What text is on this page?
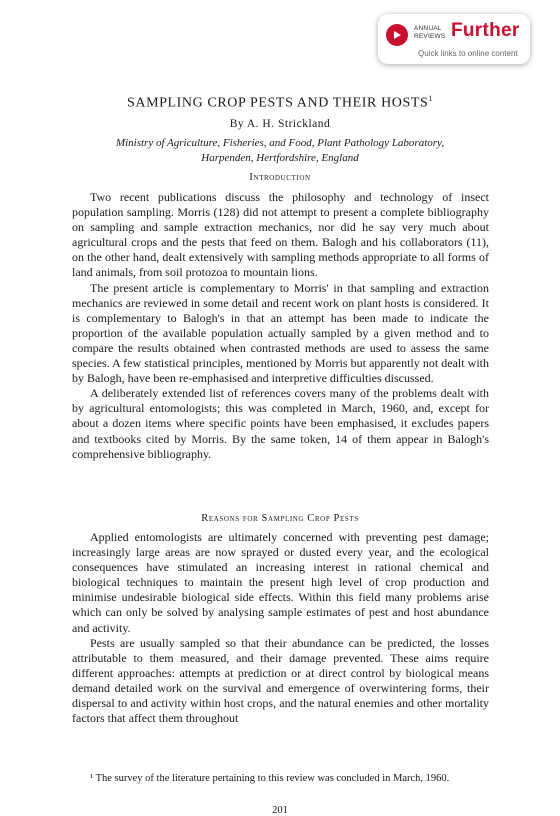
ANNUAL
REVIEWS Further
Quick links to online content
SAMPLING CROP PESTS AND THEIR HOSTS$^1$
By A. H. Strickland
Ministry of Agriculture, Fisheries, and Food, Plant Pathology Laboratory,
Harpenden, Hertfordshire, England
Introduction

Two recent publications discuss the philosophy and technology of insect population sampling. Morris (128) did not attempt to present a complete bibliography on sampling and sample extraction mechanics, nor did he say very much about agricultural crops and the pests that feed on them. Balogh and his collaborators (11), on the other hand, dealt extensively with sampling methods appropriate to all forms of land animals, from soil protozoa to mountain lions.

The present article is complementary to Morris' in that sampling and extraction mechanics are reviewed in some detail and recent work on plant hosts is considered. It is complementary to Balogh's in that an attempt has been made to indicate the proportion of the available population actually sampled by a given method and to compare the results obtained when contrasted methods are used to assess the same species. A few statistical principles, mentioned by Morris but apparently not dealt with by Balogh, have been re-emphasised and interpretive difficulties discussed.

A deliberately extended list of references covers many of the problems dealt with by agricultural entomologists; this was completed in March, 1960, and, except for about a dozen items where specific points have been emphasised, it excludes papers and textbooks cited by Morris. By the same token, 14 of them appear in Balogh's comprehensive bibliography.

Reasons for Sampling Crop Pests

Applied entomologists are ultimately concerned with preventing pest damage; increasingly large areas are now sprayed or dusted every year, and the ecological consequences have stimulated an increasing interest in rational chemical and biological techniques to maintain the present high level of crop production and minimise undesirable biological side effects. Within this field many problems arise which can only be solved by analysing sample estimates of pest and host abundance and activity.

Pests are usually sampled so that their abundance can be predicted, the losses attributable to them measured, and their damage prevented. These aims require different approaches: attempts at prediction or at direct control by biological means demand detailed work on the survival and emergence of overwintering forms, their dispersal to and activity within host crops, and the natural enemies and other mortality factors that affect them throughout

¹ The survey of the literature pertaining to this review was concluded in March, 1960.

201
